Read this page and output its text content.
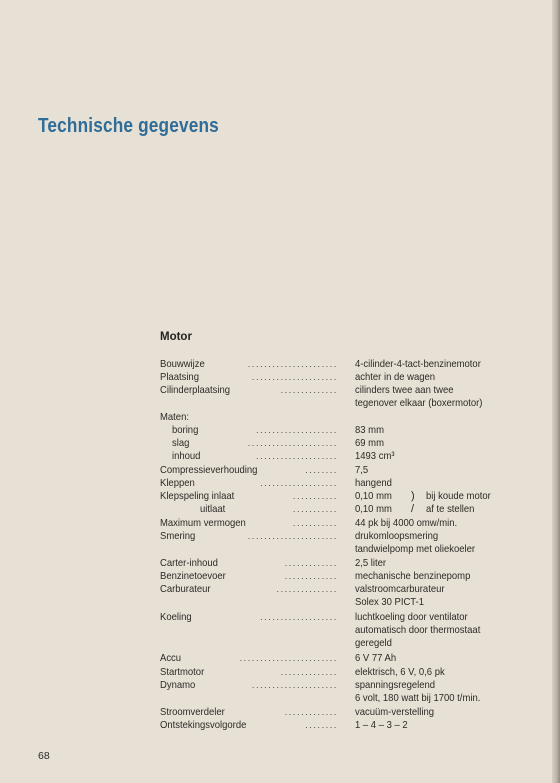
Technische gegevens
Motor
Bouwwijze	...................... 4-cilinder-4-tact-benzinemotor
Plaatsing	..................... achter in de wagen
Cilinderplaatsing	.............. cilinders twee aan twee
tegenover elkaar (boxermotor)
Maten:
boring	.................... 83 mm
slag	...................... 69 mm
inhoud	.................... 1493 cm³
Compressieverhouding	........ 7,5
Kleppen	................... hangend
Klepspeling inlaat	........... 0,10 mm	bij koude motor
)
/
uitlaat	........... 0,10 mm	af te stellen
Maximum vermogen	........... 44 pk bij 4000 omw/min.
Smering	...................... drukomloopsmering
tandwielpomp met oliekoeler
Carter-inhoud	............. 2,5 liter
Benzinetoevoer	............. mechanische benzinepomp
Carburateur	............... valstroomcarburateur
Solex 30 PICT-1
Koeling	................... luchtkoeling door ventilator
automatisch door thermostaat
geregeld
Accu	........................ 6 V 77 Ah
Startmotor	.............. elektrisch, 6 V, 0,6 pk
Dynamo	..................... spanningsregelend
6 volt, 180 watt bij 1700 t/min.
Stroomverdeler	............. vacuüm-verstelling
Ontstekingsvolgorde	........ 1 – 4 – 3 – 2
68
